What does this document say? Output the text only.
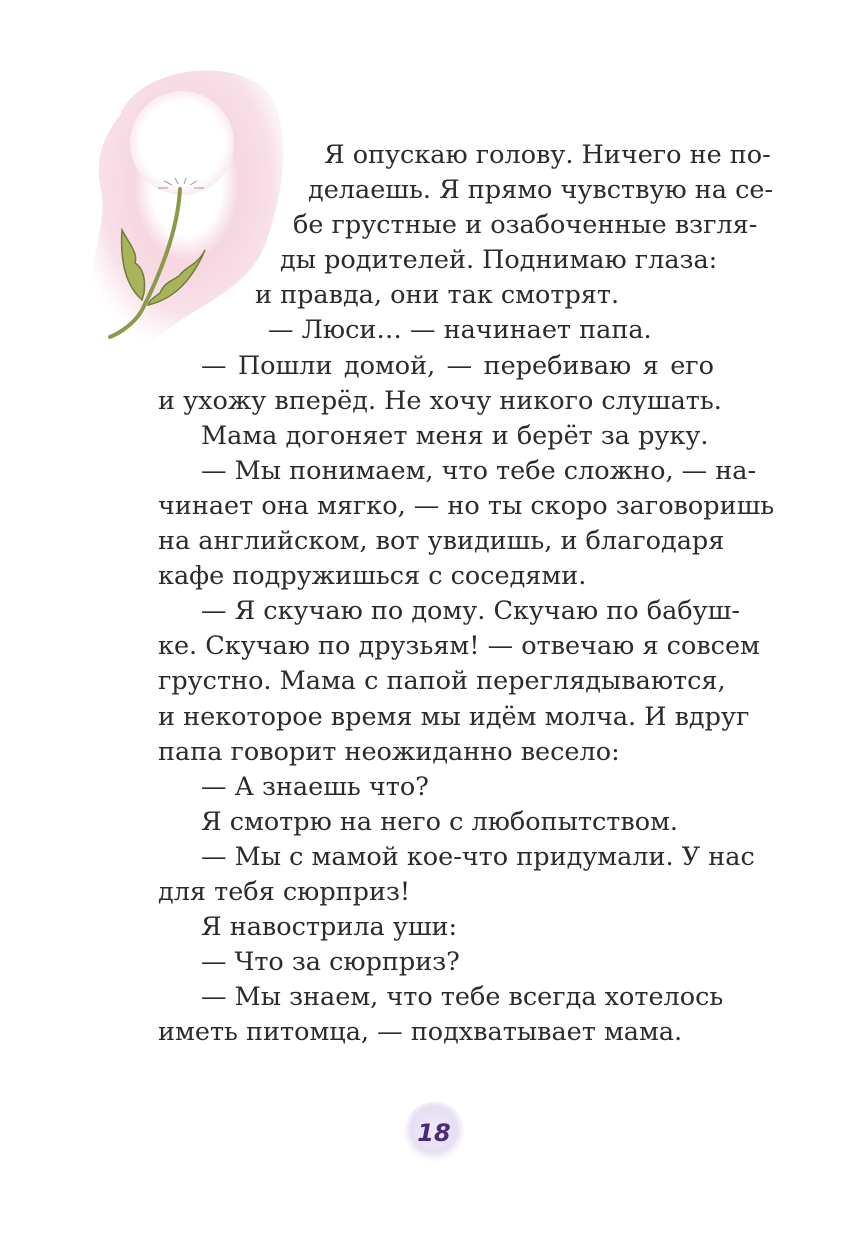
Я опускаю голову. Ничего не по-
делаешь. Я прямо чувствую на се-
бе грустные и озабоченные взгля-
ды родителей. Поднимаю глаза:
и правда, они так смотрят.
— Люси… — начинает папа.
— Пошли домой, — перебиваю я его
и ухожу вперёд. Не хочу никого слушать.
Мама догоняет меня и берёт за руку.
— Мы понимаем, что тебе сложно, — на-
чинает она мягко, — но ты скоро заговоришь
на английском, вот увидишь, и благодаря
кафе подружишься с соседями.
— Я скучаю по дому. Скучаю по бабуш-
ке. Скучаю по друзьям! — отвечаю я совсем
грустно. Мама с папой переглядываются,
и некоторое время мы идём молча. И вдруг
папа говорит неожиданно весело:
— А знаешь что?
Я смотрю на него с любопытством.
— Мы с мамой кое-что придумали. У нас
для тебя сюрприз!
Я навострила уши:
— Что за сюрприз?
— Мы знаем, что тебе всегда хотелось
иметь питомца, — подхватывает мама.
18
